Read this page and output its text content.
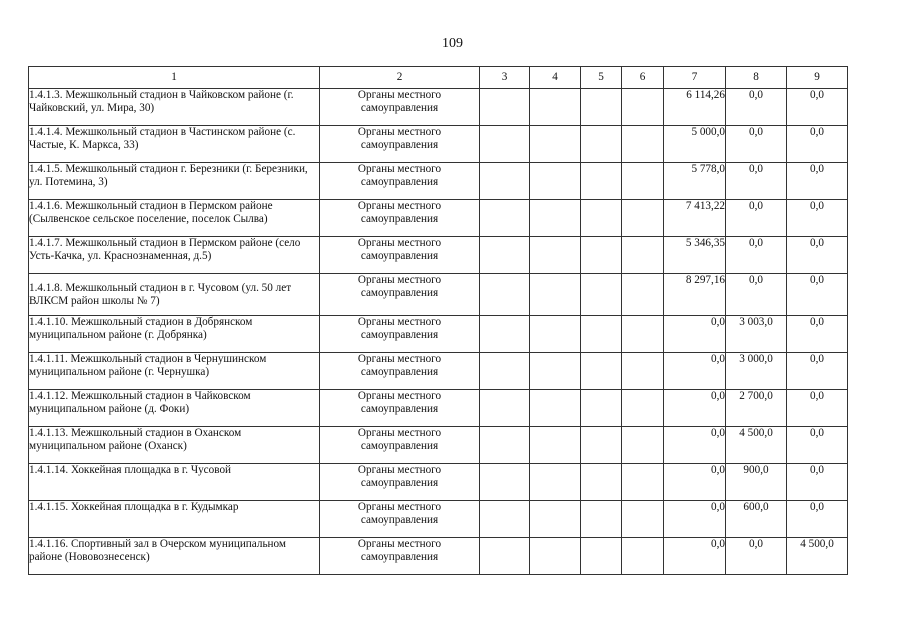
109
1	2	3	4	5	6	7	8	9
1.4.1.3. Межшкольный стадион в Чайковском районе (г. Чайковский, ул. Мира, 30)	Органы местного самоуправления					6 114,26	0,0	0,0
1.4.1.4. Межшкольный стадион в Частинском районе (с. Частые, К. Маркса, 33)	Органы местного самоуправления					5 000,0	0,0	0,0
1.4.1.5. Межшкольный стадион г. Березники (г. Березники, ул. Потемина, 3)	Органы местного самоуправления					5 778,0	0,0	0,0
1.4.1.6. Межшкольный стадион в Пермском районе (Сылвенское сельское поселение, поселок Сылва)	Органы местного самоуправления					7 413,22	0,0	0,0
1.4.1.7. Межшкольный стадион в Пермском районе (село Усть-Качка, ул. Краснознаменная, д.5)	Органы местного самоуправления					5 346,35	0,0	0,0
1.4.1.8. Межшкольный стадион в г. Чусовом (ул. 50 лет ВЛКСМ район школы № 7)	Органы местного самоуправления					8 297,16	0,0	0,0
1.4.1.10. Межшкольный стадион в Добрянском муниципальном районе (г. Добрянка)	Органы местного самоуправления					0,0	3 003,0	0,0
1.4.1.11. Межшкольный стадион в Чернушинском муниципальном районе (г. Чернушка)	Органы местного самоуправления					0,0	3 000,0	0,0
1.4.1.12. Межшкольный стадион в Чайковском муниципальном районе (д. Фоки)	Органы местного самоуправления					0,0	2 700,0	0,0
1.4.1.13. Межшкольный стадион в Оханском муниципальном районе (Оханск)	Органы местного самоуправления					0,0	4 500,0	0,0
1.4.1.14. Хоккейная площадка в г. Чусовой	Органы местного самоуправления					0,0	900,0	0,0
1.4.1.15. Хоккейная площадка в г. Кудымкар	Органы местного самоуправления					0,0	600,0	0,0
1.4.1.16. Спортивный зал в Очерском муниципальном районе (Нововознесенск)	Органы местного самоуправления					0,0	0,0	4 500,0
